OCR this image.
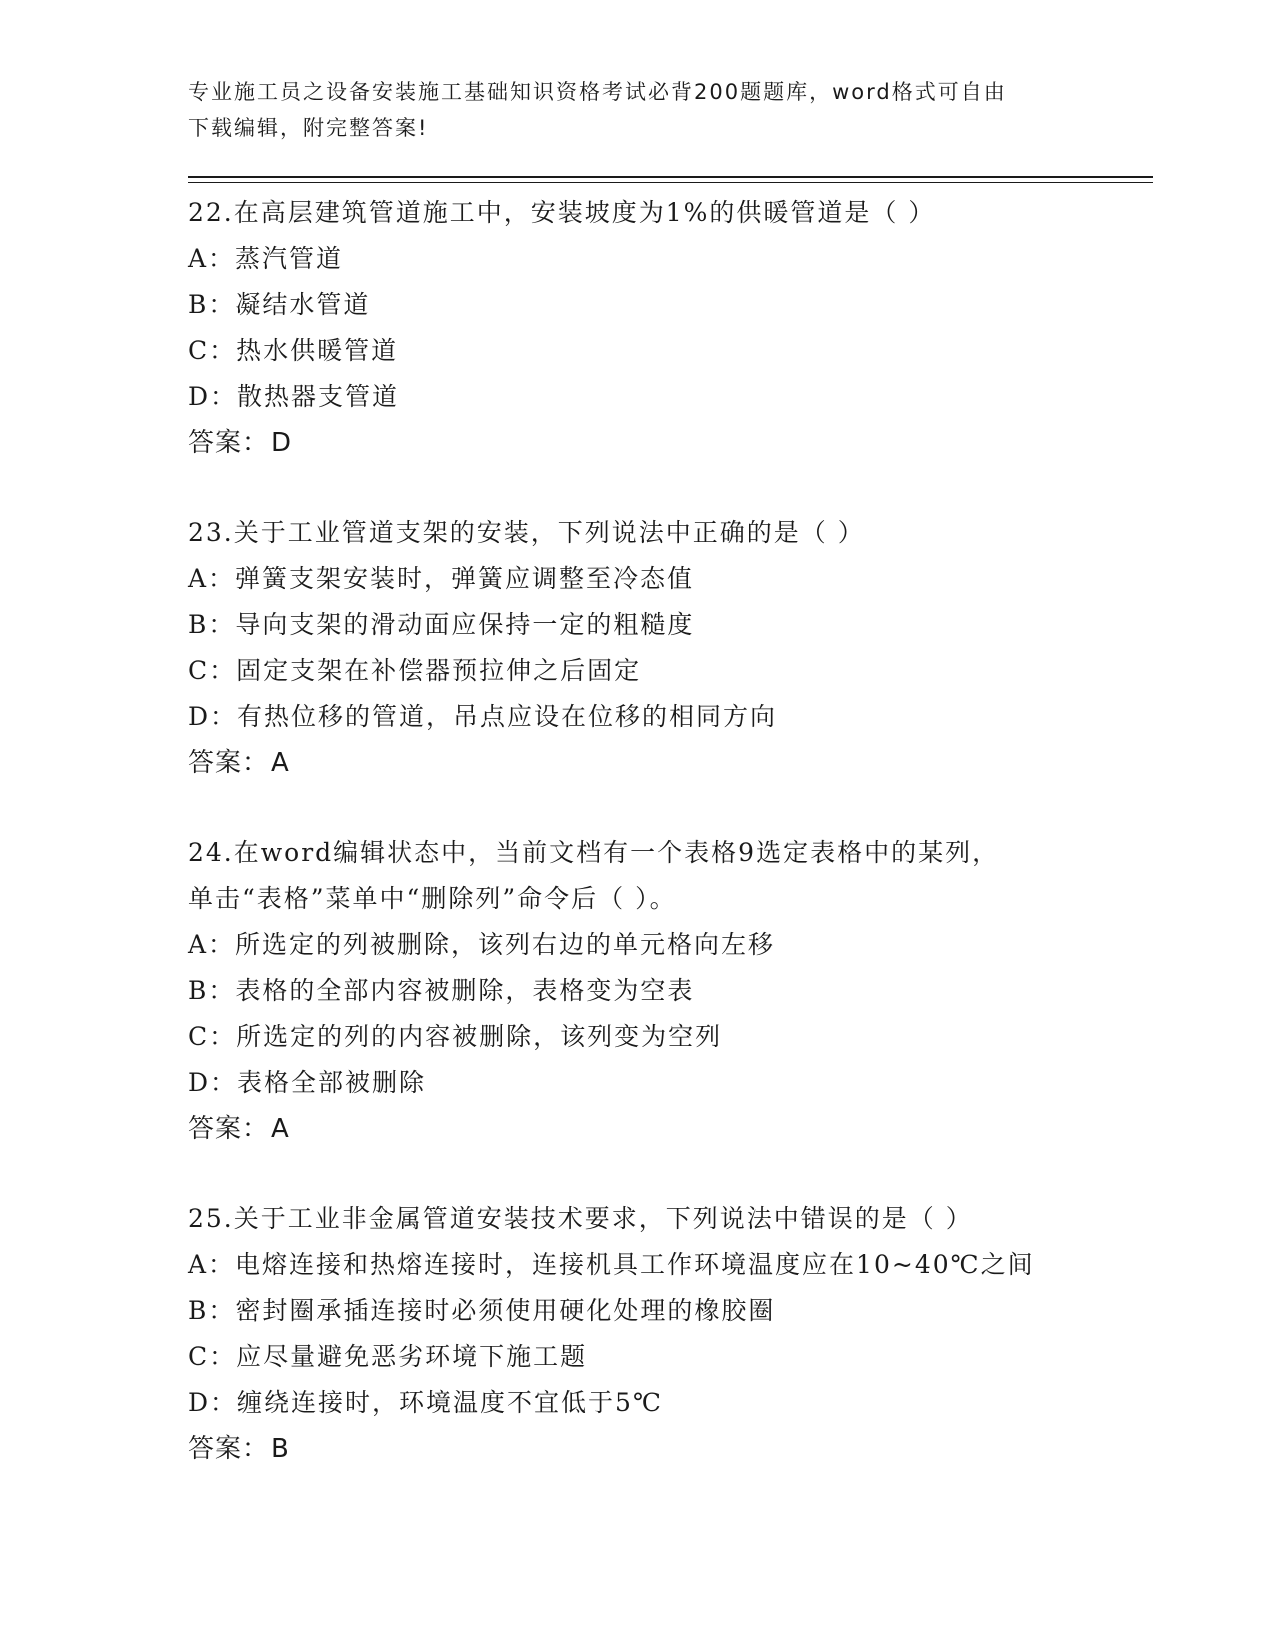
专业施工员之设备安装施工基础知识资格考试必背200题题库，word格式可自由
下载编辑，附完整答案!
22.在高层建筑管道施工中，安装坡度为1%的供暖管道是（ ）
A：蒸汽管道
B：凝结水管道
C：热水供暖管道
D：散热器支管道
答案：D
23.关于工业管道支架的安装，下列说法中正确的是（ ）
A：弹簧支架安装时，弹簧应调整至冷态值
B：导向支架的滑动面应保持一定的粗糙度
C：固定支架在补偿器预拉伸之后固定
D：有热位移的管道，吊点应设在位移的相同方向
答案：A
24.在word编辑状态中，当前文档有一个表格9选定表格中的某列，
单击“表格”菜单中“删除列”命令后（ ）。
A：所选定的列被删除，该列右边的单元格向左移
B：表格的全部内容被删除，表格变为空表
C：所选定的列的内容被删除，该列变为空列
D：表格全部被删除
答案：A
25.关于工业非金属管道安装技术要求，下列说法中错误的是（ ）
A：电熔连接和热熔连接时，连接机具工作环境温度应在10~40℃之间
B：密封圈承插连接时必须使用硬化处理的橡胶圈
C：应尽量避免恶劣环境下施工题
D：缠绕连接时，环境温度不宜低于5℃
答案：B
